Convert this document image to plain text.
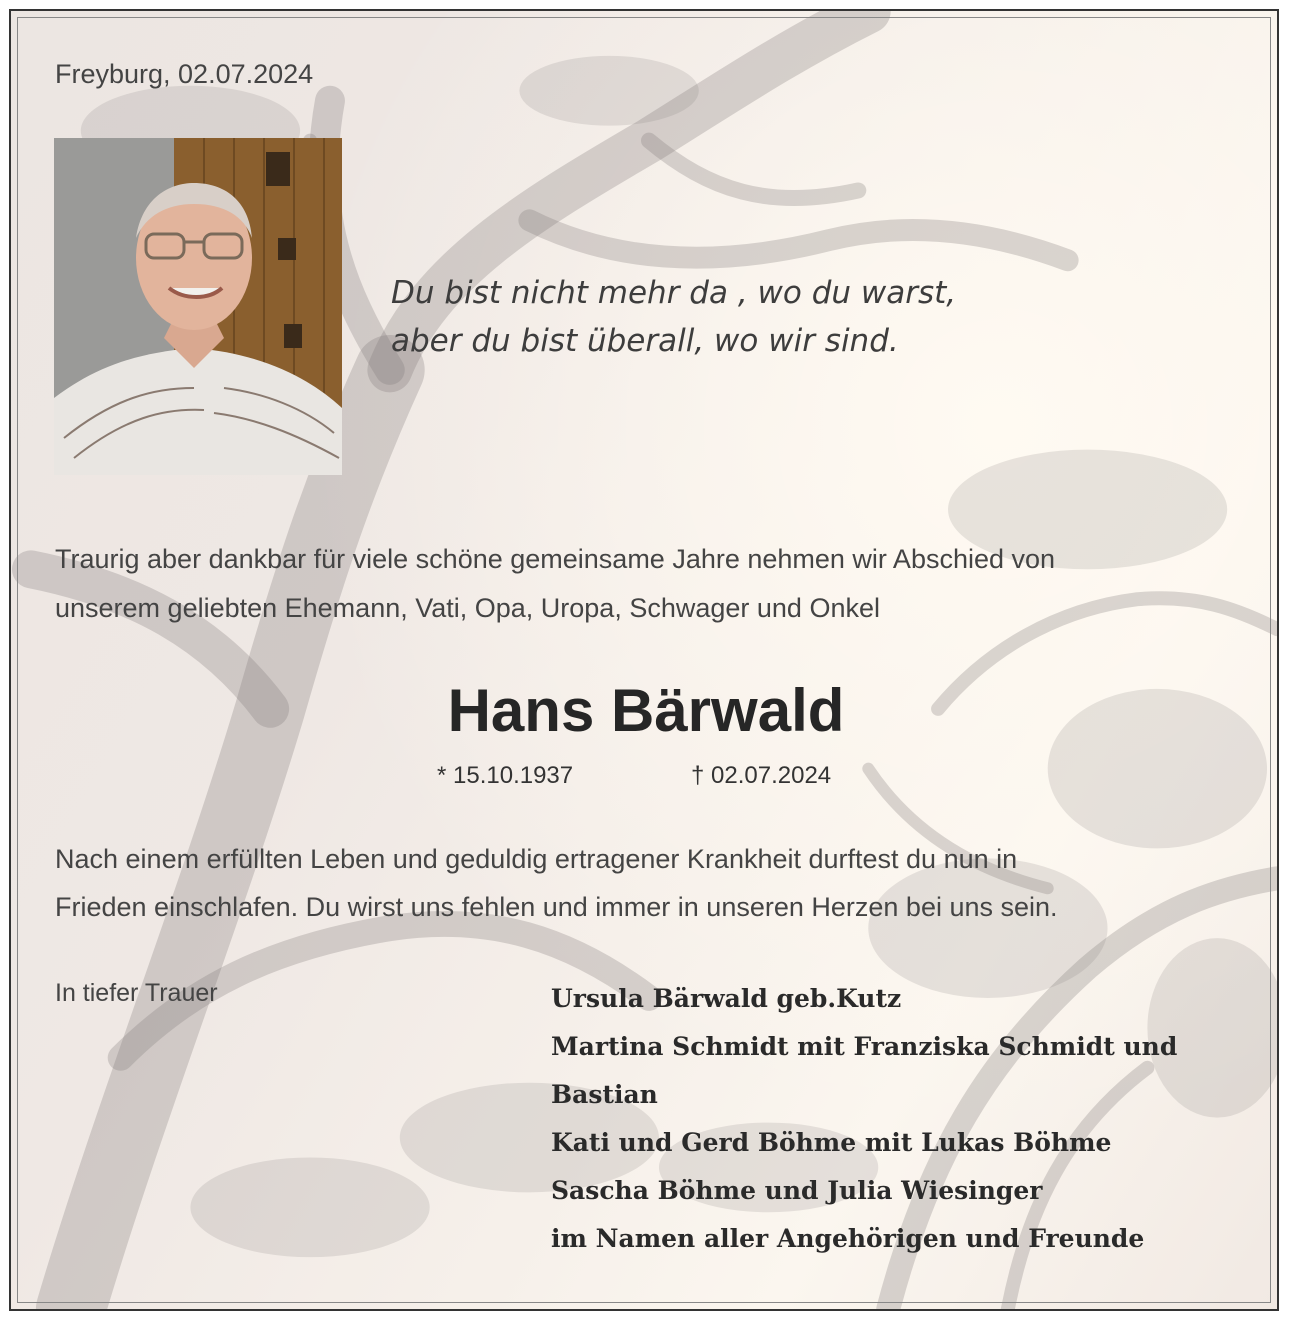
Freyburg, 02.07.2024
Du bist nicht mehr da , wo du warst,
aber du bist überall, wo wir sind.
Traurig aber dankbar für viele schöne gemeinsame Jahre nehmen wir Abschied von
unserem geliebten Ehemann, Vati, Opa, Uropa, Schwager und Onkel
Hans Bärwald
* 15.10.1937	† 02.07.2024
Nach einem erfüllten Leben und geduldig ertragener Krankheit durftest du nun in
Frieden einschlafen. Du wirst uns fehlen und immer in unseren Herzen bei uns sein.
In tiefer Trauer	Ursula Bärwald geb.Kutz
Martina Schmidt mit Franziska Schmidt und
Bastian
Kati und Gerd Böhme mit Lukas Böhme
Sascha Böhme und Julia Wiesinger
im Namen aller Angehörigen und Freunde
